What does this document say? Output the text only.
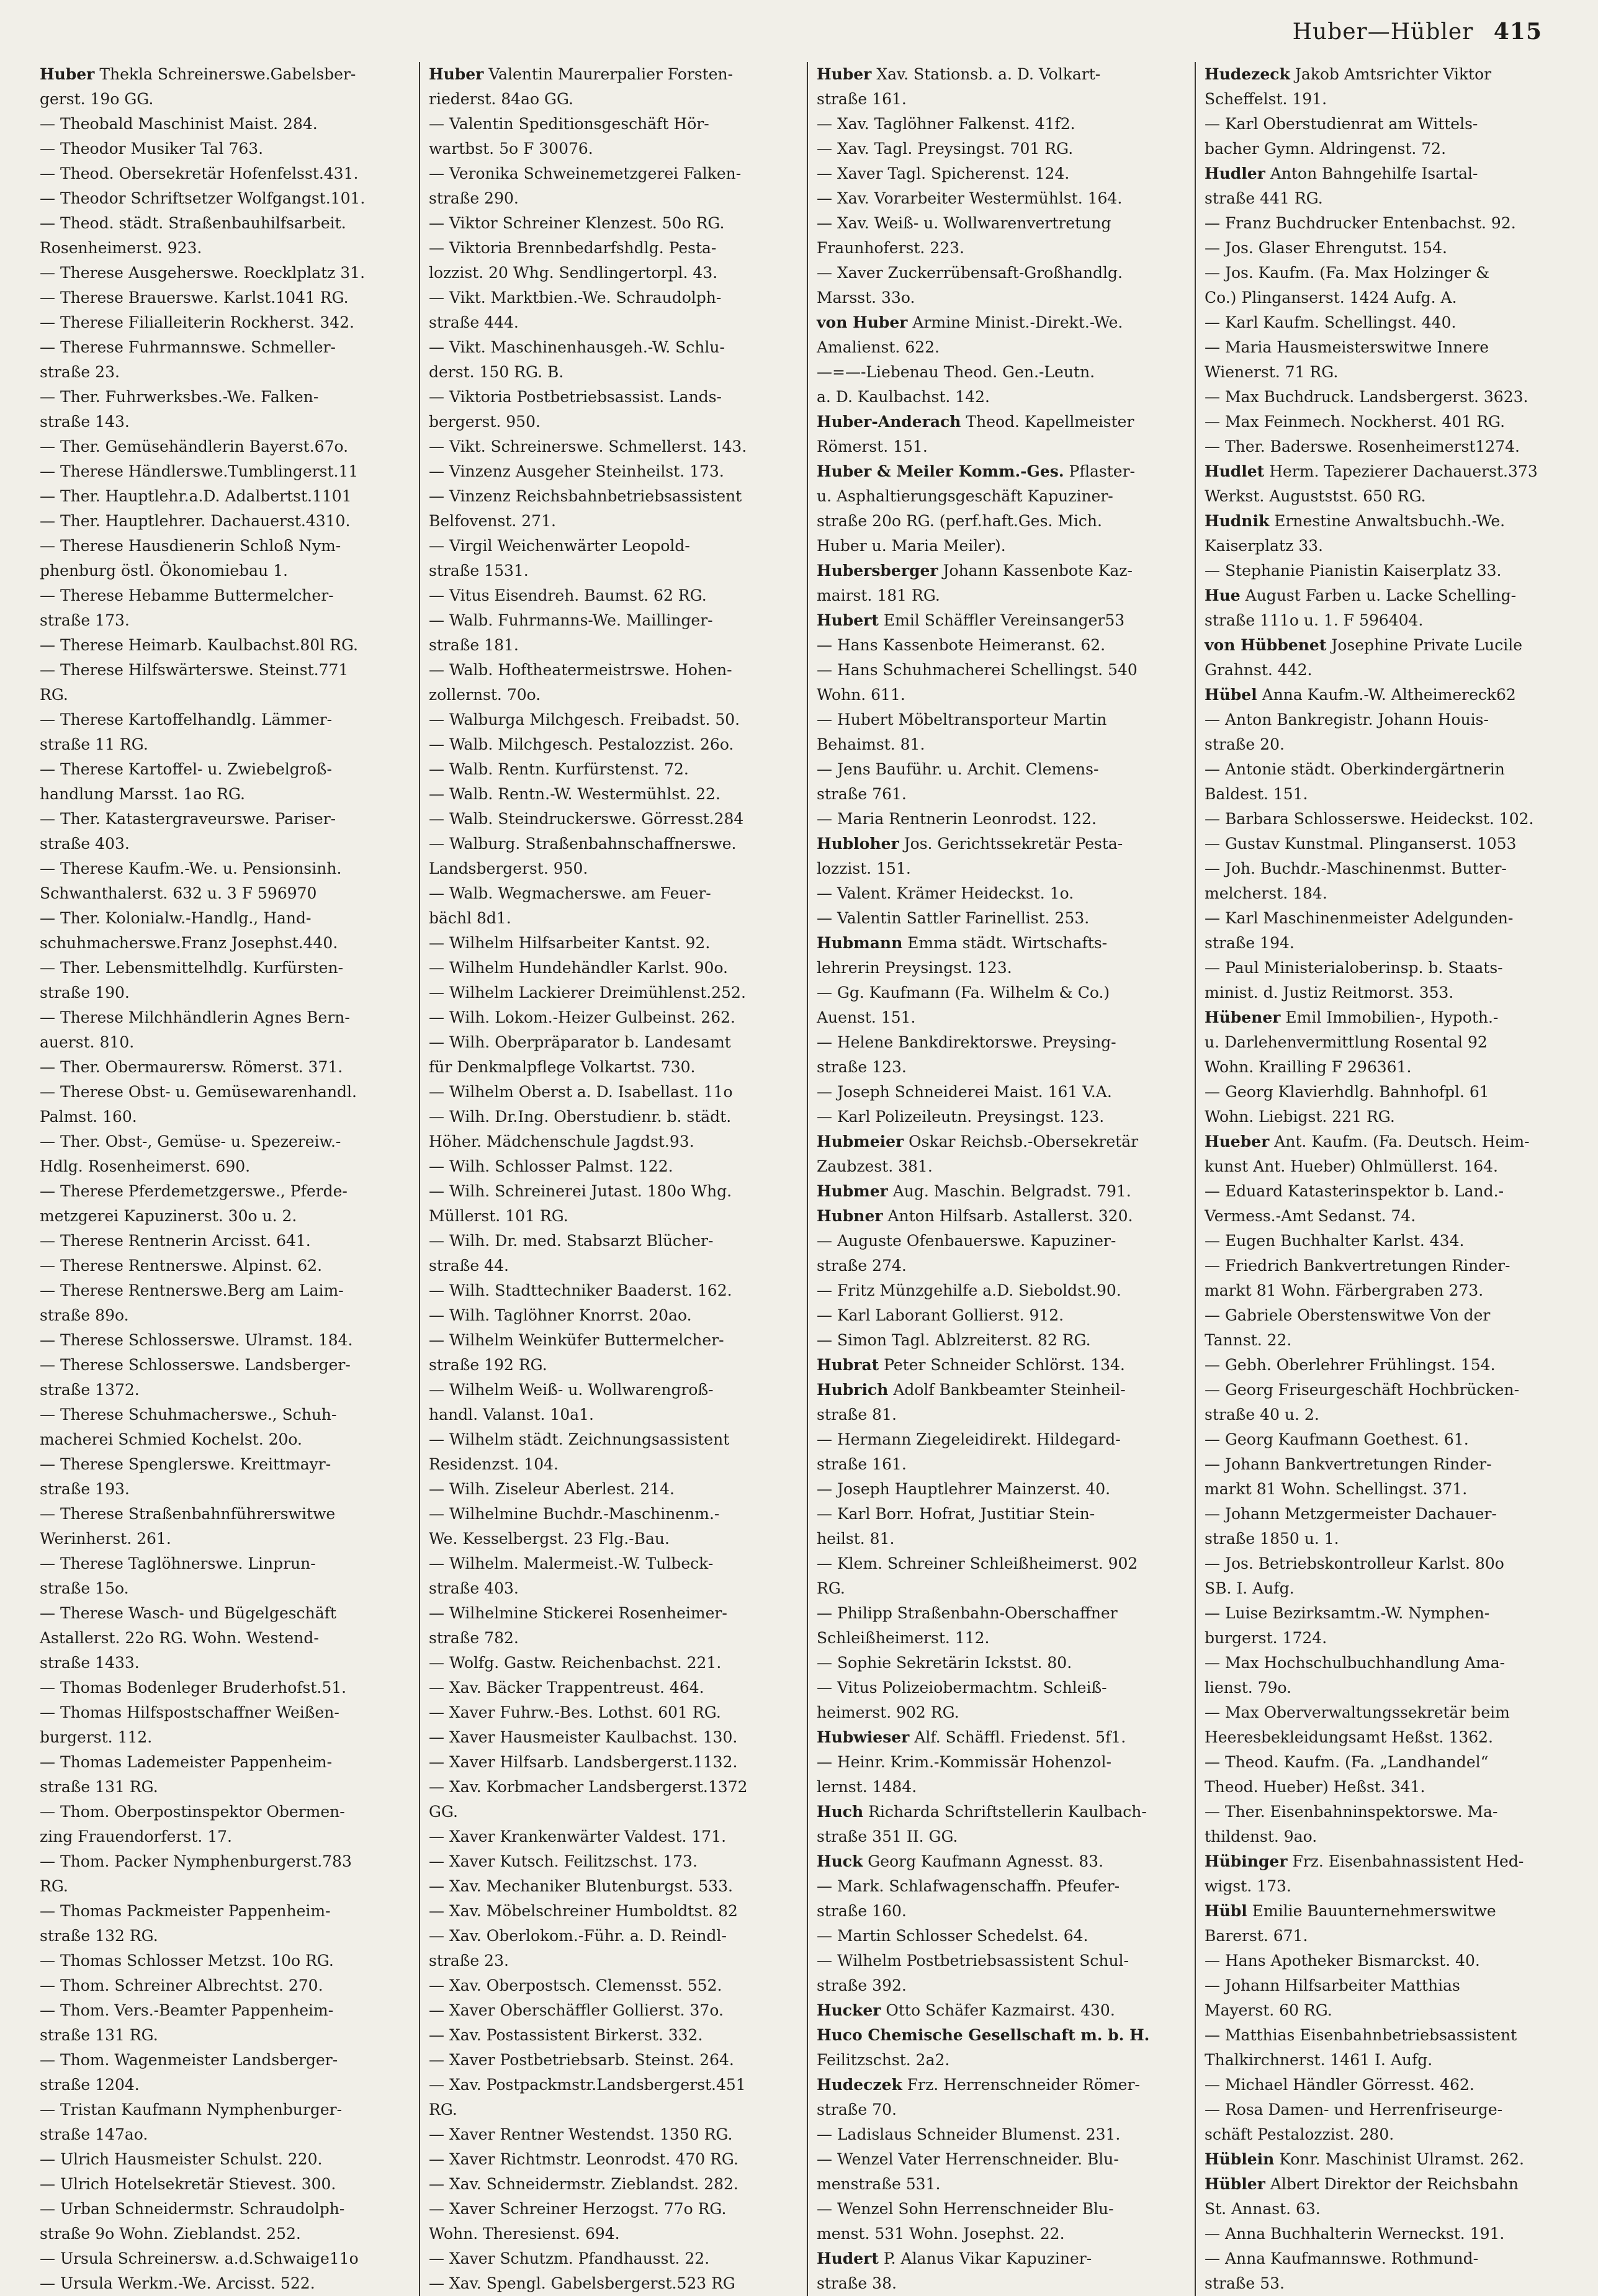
Huber—Hübler 415
Huber Thekla Schreinerswe.Gabelsber-
gerst. 19o GG.
— Theobald Maschinist Maist. 284.
— Theodor Musiker Tal 763.
— Theod. Obersekretär Hofenfelsst.431.
— Theodor Schriftsetzer Wolfgangst.101.
— Theod. städt. Straßenbauhilfsarbeit.
Rosenheimerst. 923.
— Therese Ausgeherswe. Roecklplatz 31.
— Therese Brauerswe. Karlst.1041 RG.
— Therese Filialleiterin Rockherst. 342.
— Therese Fuhrmannswe. Schmeller-
straße 23.
— Ther. Fuhrwerksbes.-We. Falken-
straße 143.
— Ther. Gemüsehändlerin Bayerst.67o.
— Therese Händlerswe.Tumblingerst.11
— Ther. Hauptlehr.a.D. Adalbertst.1101
— Ther. Hauptlehrer. Dachauerst.4310.
— Therese Hausdienerin Schloß Nym-
phenburg östl. Ökonomiebau 1.
— Therese Hebamme Buttermelcher-
straße 173.
— Therese Heimarb. Kaulbachst.80l RG.
— Therese Hilfswärterswe. Steinst.771
RG.
— Therese Kartoffelhandlg. Lämmer-
straße 11 RG.
— Therese Kartoffel- u. Zwiebelgroß-
handlung Marsst. 1ao RG.
— Ther. Katastergraveurswe. Pariser-
straße 403.
— Therese Kaufm.-We. u. Pensionsinh.
Schwanthalerst. 632 u. 3 F 596970
— Ther. Kolonialw.-Handlg., Hand-
schuhmacherswe.Franz Josephst.440.
— Ther. Lebensmittelhdlg. Kurfürsten-
straße 190.
— Therese Milchhändlerin Agnes Bern-
auerst. 810.
— Ther. Obermaurersw. Römerst. 371.
— Therese Obst- u. Gemüsewarenhandl.
Palmst. 160.
— Ther. Obst-, Gemüse- u. Spezereiw.-
Hdlg. Rosenheimerst. 690.
— Therese Pferdemetzgerswe., Pferde-
metzgerei Kapuzinerst. 30o u. 2.
— Therese Rentnerin Arcisst. 641.
— Therese Rentnerswe. Alpinst. 62.
— Therese Rentnerswe.Berg am Laim-
straße 89o.
— Therese Schlosserswe. Ulramst. 184.
— Therese Schlosserswe. Landsberger-
straße 1372.
— Therese Schuhmacherswe., Schuh-
macherei Schmied Kochelst. 20o.
— Therese Spenglerswe. Kreittmayr-
straße 193.
— Therese Straßenbahnführerswitwe
Werinherst. 261.
— Therese Taglöhnerswe. Linprun-
straße 15o.
— Therese Wasch- und Bügelgeschäft
Astallerst. 22o RG. Wohn. Westend-
straße 1433.
— Thomas Bodenleger Bruderhofst.51.
— Thomas Hilfspostschaffner Weißen-
burgerst. 112.
— Thomas Lademeister Pappenheim-
straße 131 RG.
— Thom. Oberpostinspektor Obermen-
zing Frauendorferst. 17.
— Thom. Packer Nymphenburgerst.783
RG.
— Thomas Packmeister Pappenheim-
straße 132 RG.
— Thomas Schlosser Metzst. 10o RG.
— Thom. Schreiner Albrechtst. 270.
— Thom. Vers.-Beamter Pappenheim-
straße 131 RG.
— Thom. Wagenmeister Landsberger-
straße 1204.
— Tristan Kaufmann Nymphenburger-
straße 147ao.
— Ulrich Hausmeister Schulst. 220.
— Ulrich Hotelsekretär Stievest. 300.
— Urban Schneidermstr. Schraudolph-
straße 9o Wohn. Zieblandst. 252.
— Ursula Schreinersw. a.d.Schwaige11o
— Ursula Werkm.-We. Arcisst. 522.
Huber Valentin Maurerpalier Forsten-
riederst. 84ao GG.
— Valentin Speditionsgeschäft Hör-
wartbst. 5o F 30076.
— Veronika Schweinemetzgerei Falken-
straße 290.
— Viktor Schreiner Klenzest. 50o RG.
— Viktoria Brennbedarfshdlg. Pesta-
lozzist. 20 Whg. Sendlingertorpl. 43.
— Vikt. Marktbien.-We. Schraudolph-
straße 444.
— Vikt. Maschinenhausgeh.-W. Schlu-
derst. 150 RG. B.
— Viktoria Postbetriebsassist. Lands-
bergerst. 950.
— Vikt. Schreinerswe. Schmellerst. 143.
— Vinzenz Ausgeher Steinheilst. 173.
— Vinzenz Reichsbahnbetriebsassistent
Belfovenst. 271.
— Virgil Weichenwärter Leopold-
straße 1531.
— Vitus Eisendreh. Baumst. 62 RG.
— Walb. Fuhrmanns-We. Maillinger-
straße 181.
— Walb. Hoftheatermeistrswe. Hohen-
zollernst. 70o.
— Walburga Milchgesch. Freibadst. 50.
— Walb. Milchgesch. Pestalozzist. 26o.
— Walb. Rentn. Kurfürstenst. 72.
— Walb. Rentn.-W. Westermühlst. 22.
— Walb. Steindruckerswe. Görresst.284
— Walburg. Straßenbahnschaffnerswe.
Landsbergerst. 950.
— Walb. Wegmacherswe. am Feuer-
bächl 8d1.
— Wilhelm Hilfsarbeiter Kantst. 92.
— Wilhelm Hundehändler Karlst. 90o.
— Wilhelm Lackierer Dreimühlenst.252.
— Wilh. Lokom.-Heizer Gulbeinst. 262.
— Wilh. Oberpräparator b. Landesamt
für Denkmalpflege Volkartst. 730.
— Wilhelm Oberst a. D. Isabellast. 11o
— Wilh. Dr.Ing. Oberstudienr. b. städt.
Höher. Mädchenschule Jagdst.93.
— Wilh. Schlosser Palmst. 122.
— Wilh. Schreinerei Jutast. 180o Whg.
Müllerst. 101 RG.
— Wilh. Dr. med. Stabsarzt Blücher-
straße 44.
— Wilh. Stadttechniker Baaderst. 162.
— Wilh. Taglöhner Knorrst. 20ao.
— Wilhelm Weinküfer Buttermelcher-
straße 192 RG.
— Wilhelm Weiß- u. Wollwarengroß-
handl. Valanst. 10a1.
— Wilhelm städt. Zeichnungsassistent
Residenzst. 104.
— Wilh. Ziseleur Aberlest. 214.
— Wilhelmine Buchdr.-Maschinenm.-
We. Kesselbergst. 23 Flg.-Bau.
— Wilhelm. Malermeist.-W. Tulbeck-
straße 403.
— Wilhelmine Stickerei Rosenheimer-
straße 782.
— Wolfg. Gastw. Reichenbachst. 221.
— Xav. Bäcker Trappentreust. 464.
— Xaver Fuhrw.-Bes. Lothst. 601 RG.
— Xaver Hausmeister Kaulbachst. 130.
— Xaver Hilfsarb. Landsbergerst.1132.
— Xav. Korbmacher Landsbergerst.1372
GG.
— Xaver Krankenwärter Valdest. 171.
— Xaver Kutsch. Feilitzschst. 173.
— Xav. Mechaniker Blutenburgst. 533.
— Xav. Möbelschreiner Humboldtst. 82
— Xav. Oberlokom.-Führ. a. D. Reindl-
straße 23.
— Xav. Oberpostsch. Clemensst. 552.
— Xaver Oberschäffler Gollierst. 37o.
— Xav. Postassistent Birkerst. 332.
— Xaver Postbetriebsarb. Steinst. 264.
— Xav. Postpackmstr.Landsbergerst.451
RG.
— Xaver Rentner Westendst. 1350 RG.
— Xaver Richtmstr. Leonrodst. 470 RG.
— Xav. Schneidermstr. Zieblandst. 282.
— Xaver Schreiner Herzogst. 77o RG.
Wohn. Theresienst. 694.
— Xaver Schutzm. Pfandhausst. 22.
— Xav. Spengl. Gabelsbergerst.523 RG
Huber Xav. Stationsb. a. D. Volkart-
straße 161.
— Xav. Taglöhner Falkenst. 41f2.
— Xav. Tagl. Preysingst. 701 RG.
— Xaver Tagl. Spicherenst. 124.
— Xav. Vorarbeiter Westermühlst. 164.
— Xav. Weiß- u. Wollwarenvertretung
Fraunhoferst. 223.
— Xaver Zuckerrübensaft-Großhandlg.
Marsst. 33o.
von Huber Armine Minist.-Direkt.-We.
Amalienst. 622.
—=—-Liebenau Theod. Gen.-Leutn.
a. D. Kaulbachst. 142.
Huber-Anderach Theod. Kapellmeister
Römerst. 151.
Huber & Meiler Komm.-Ges. Pflaster-
u. Asphaltierungsgeschäft Kapuziner-
straße 20o RG. (perf.haft.Ges. Mich.
Huber u. Maria Meiler).
Hubersberger Johann Kassenbote Kaz-
mairst. 181 RG.
Hubert Emil Schäffler Vereinsanger53
— Hans Kassenbote Heimeranst. 62.
— Hans Schuhmacherei Schellingst. 540
Wohn. 611.
— Hubert Möbeltransporteur Martin
Behaimst. 81.
— Jens Bauführ. u. Archit. Clemens-
straße 761.
— Maria Rentnerin Leonrodst. 122.
Hubloher Jos. Gerichtssekretär Pesta-
lozzist. 151.
— Valent. Krämer Heideckst. 1o.
— Valentin Sattler Farinellist. 253.
Hubmann Emma städt. Wirtschafts-
lehrerin Preysingst. 123.
— Gg. Kaufmann (Fa. Wilhelm & Co.)
Auenst. 151.
— Helene Bankdirektorswe. Preysing-
straße 123.
— Joseph Schneiderei Maist. 161 V.A.
— Karl Polizeileutn. Preysingst. 123.
Hubmeier Oskar Reichsb.-Obersekretär
Zaubzest. 381.
Hubmer Aug. Maschin. Belgradst. 791.
Hubner Anton Hilfsarb. Astallerst. 320.
— Auguste Ofenbauerswe. Kapuziner-
straße 274.
— Fritz Münzgehilfe a.D. Sieboldst.90.
— Karl Laborant Gollierst. 912.
— Simon Tagl. Ablzreiterst. 82 RG.
Hubrat Peter Schneider Schlörst. 134.
Hubrich Adolf Bankbeamter Steinheil-
straße 81.
— Hermann Ziegeleidirekt. Hildegard-
straße 161.
— Joseph Hauptlehrer Mainzerst. 40.
— Karl Borr. Hofrat, Justitiar Stein-
heilst. 81.
— Klem. Schreiner Schleißheimerst. 902
RG.
— Philipp Straßenbahn-Oberschaffner
Schleißheimerst. 112.
— Sophie Sekretärin Ickstst. 80.
— Vitus Polizeiobermachtm. Schleiß-
heimerst. 902 RG.
Hubwieser Alf. Schäffl. Friedenst. 5f1.
— Heinr. Krim.-Kommissär Hohenzol-
lernst. 1484.
Huch Richarda Schriftstellerin Kaulbach-
straße 351 II. GG.
Huck Georg Kaufmann Agnesst. 83.
— Mark. Schlafwagenschaffn. Pfeufer-
straße 160.
— Martin Schlosser Schedelst. 64.
— Wilhelm Postbetriebsassistent Schul-
straße 392.
Hucker Otto Schäfer Kazmairst. 430.
Huco Chemische Gesellschaft m. b. H.
Feilitzschst. 2a2.
Hudeczek Frz. Herrenschneider Römer-
straße 70.
— Ladislaus Schneider Blumenst. 231.
— Wenzel Vater Herrenschneider. Blu-
menstraße 531.
— Wenzel Sohn Herrenschneider Blu-
menst. 531 Wohn. Josephst. 22.
Hudert P. Alanus Vikar Kapuziner-
straße 38.
Hudezeck Jakob Amtsrichter Viktor
Scheffelst. 191.
— Karl Oberstudienrat am Wittels-
bacher Gymn. Aldringenst. 72.
Hudler Anton Bahngehilfe Isartal-
straße 441 RG.
— Franz Buchdrucker Entenbachst. 92.
— Jos. Glaser Ehrengutst. 154.
— Jos. Kaufm. (Fa. Max Holzinger &
Co.) Plinganserst. 1424 Aufg. A.
— Karl Kaufm. Schellingst. 440.
— Maria Hausmeisterswitwe Innere
Wienerst. 71 RG.
— Max Buchdruck. Landsbergerst. 3623.
— Max Feinmech. Nockherst. 401 RG.
— Ther. Baderswe. Rosenheimerst1274.
Hudlet Herm. Tapezierer Dachauerst.373
Werkst. Auguststst. 650 RG.
Hudnik Ernestine Anwaltsbuchh.-We.
Kaiserplatz 33.
— Stephanie Pianistin Kaiserplatz 33.
Hue August Farben u. Lacke Schelling-
straße 111o u. 1. F 596404.
von Hübbenet Josephine Private Lucile
Grahnst. 442.
Hübel Anna Kaufm.-W. Altheimereck62
— Anton Bankregistr. Johann Houis-
straße 20.
— Antonie städt. Oberkindergärtnerin
Baldest. 151.
— Barbara Schlosserswe. Heideckst. 102.
— Gustav Kunstmal. Plinganserst. 1053
— Joh. Buchdr.-Maschinenmst. Butter-
melcherst. 184.
— Karl Maschinenmeister Adelgunden-
straße 194.
— Paul Ministerialoberinsp. b. Staats-
minist. d. Justiz Reitmorst. 353.
Hübener Emil Immobilien-, Hypoth.-
u. Darlehenvermittlung Rosental 92
Wohn. Krailling F 296361.
— Georg Klavierhdlg. Bahnhofpl. 61
Wohn. Liebigst. 221 RG.
Hueber Ant. Kaufm. (Fa. Deutsch. Heim-
kunst Ant. Hueber) Ohlmüllerst. 164.
— Eduard Katasterinspektor b. Land.-
Vermess.-Amt Sedanst. 74.
— Eugen Buchhalter Karlst. 434.
— Friedrich Bankvertretungen Rinder-
markt 81 Wohn. Färbergraben 273.
— Gabriele Oberstenswitwe Von der
Tannst. 22.
— Gebh. Oberlehrer Frühlingst. 154.
— Georg Friseurgeschäft Hochbrücken-
straße 40 u. 2.
— Georg Kaufmann Goethest. 61.
— Johann Bankvertretungen Rinder-
markt 81 Wohn. Schellingst. 371.
— Johann Metzgermeister Dachauer-
straße 1850 u. 1.
— Jos. Betriebskontrolleur Karlst. 80o
SB. I. Aufg.
— Luise Bezirksamtm.-W. Nymphen-
burgerst. 1724.
— Max Hochschulbuchhandlung Ama-
lienst. 79o.
— Max Oberverwaltungssekretär beim
Heeresbekleidungsamt Heßst. 1362.
— Theod. Kaufm. (Fa. „Landhandel“
Theod. Hueber) Heßst. 341.
— Ther. Eisenbahninspektorswe. Ma-
thildenst. 9ao.
Hübinger Frz. Eisenbahnassistent Hed-
wigst. 173.
Hübl Emilie Bauunternehmerswitwe
Barerst. 671.
— Hans Apotheker Bismarckst. 40.
— Johann Hilfsarbeiter Matthias
Mayerst. 60 RG.
— Matthias Eisenbahnbetriebsassistent
Thalkirchnerst. 1461 I. Aufg.
— Michael Händler Görresst. 462.
— Rosa Damen- und Herrenfriseurge-
schäft Pestalozzist. 280.
Hüblein Konr. Maschinist Ulramst. 262.
Hübler Albert Direktor der Reichsbahn
St. Annast. 63.
— Anna Buchhalterin Werneckst. 191.
— Anna Kaufmannswe. Rothmund-
straße 53.
